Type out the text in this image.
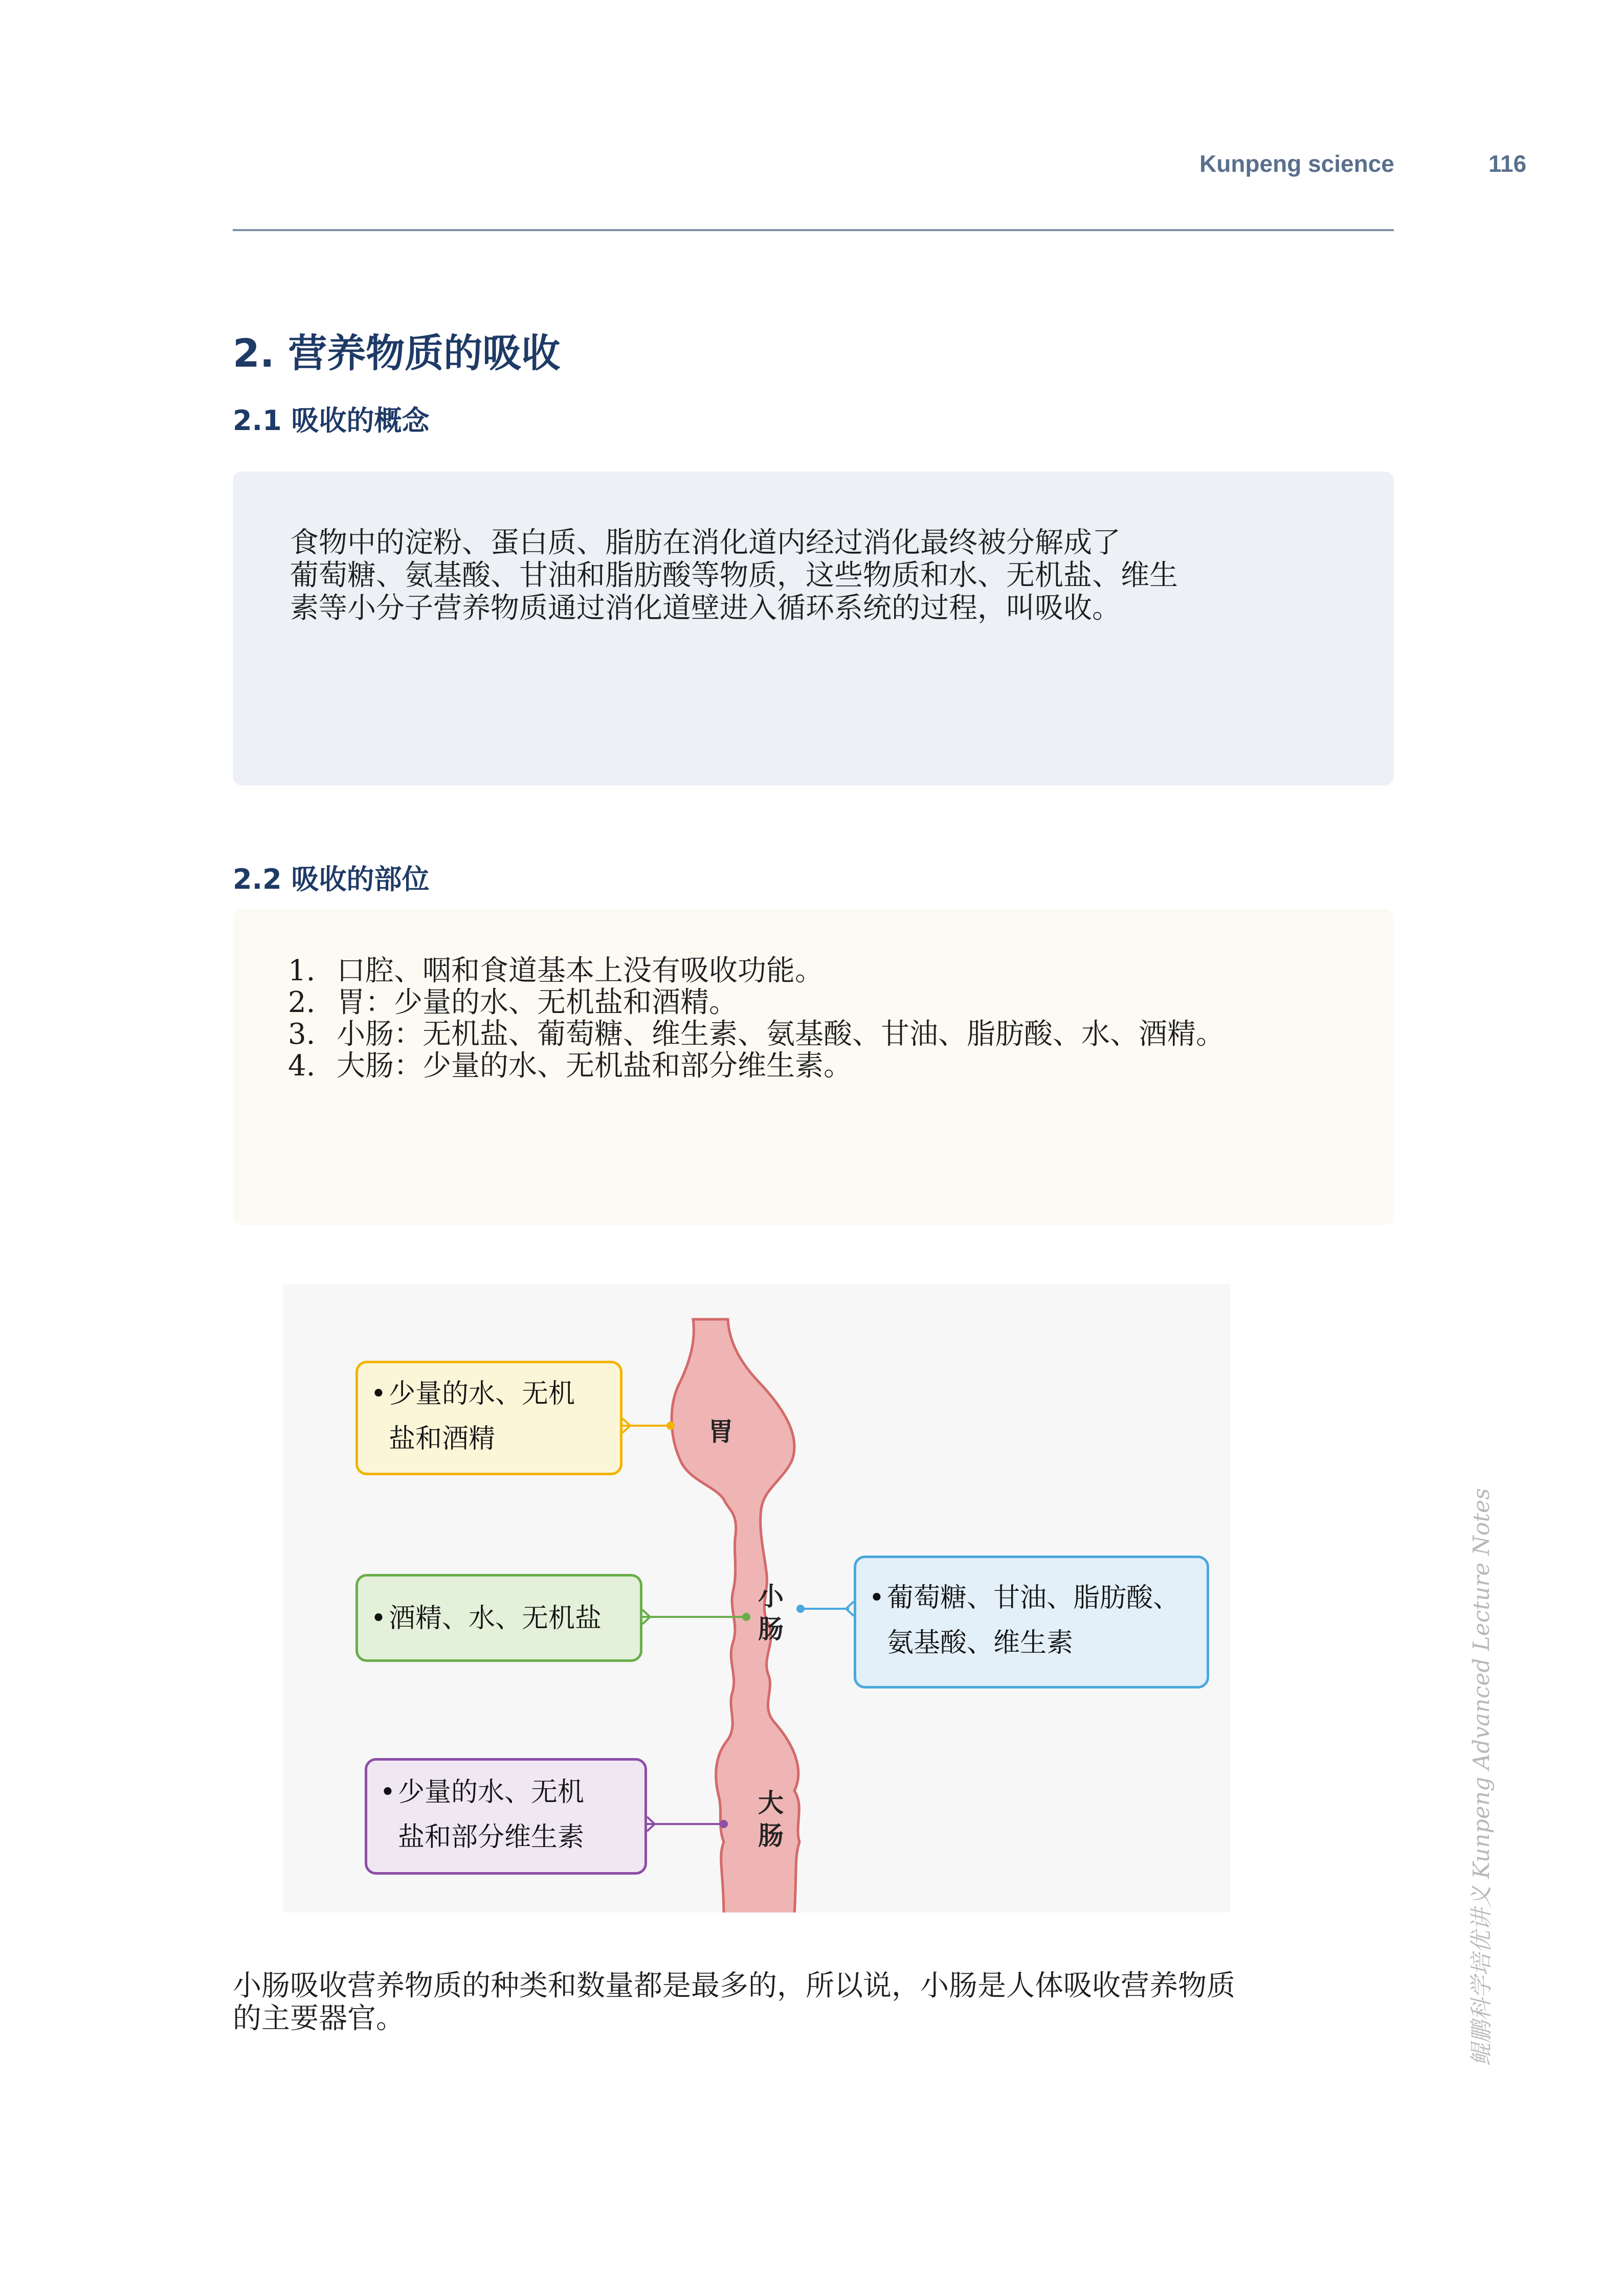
Kunpeng science	116
2. 营养物质的吸收
2.1 吸收的概念
食物中的淀粉、蛋白质、脂肪在消化道内经过消化最终被分解成了
葡萄糖、氨基酸、甘油和脂肪酸等物质，这些物质和水、无机盐、维生
素等小分子营养物质通过消化道壁进入循环系统的过程，叫吸收。
2.2 吸收的部位
1. 口腔、咽和食道基本上没有吸收功能。
2. 胃：少量的水、无机盐和酒精。
3. 小肠：无机盐、葡萄糖、维生素、氨基酸、甘油、脂肪酸、水、酒精。
4. 大肠：少量的水、无机盐和部分维生素。
胃
小
肠
大
肠
•少量的水、无机
盐和酒精
•酒精、水、无机盐
•葡萄糖、甘油、脂肪酸、
氨基酸、维生素
•少量的水、无机
盐和部分维生素
小肠吸收营养物质的种类和数量都是最多的，所以说，小肠是人体吸收营养物质
的主要器官。	鲲鹏科学培优讲义 Kunpeng Advanced Lecture Notes
